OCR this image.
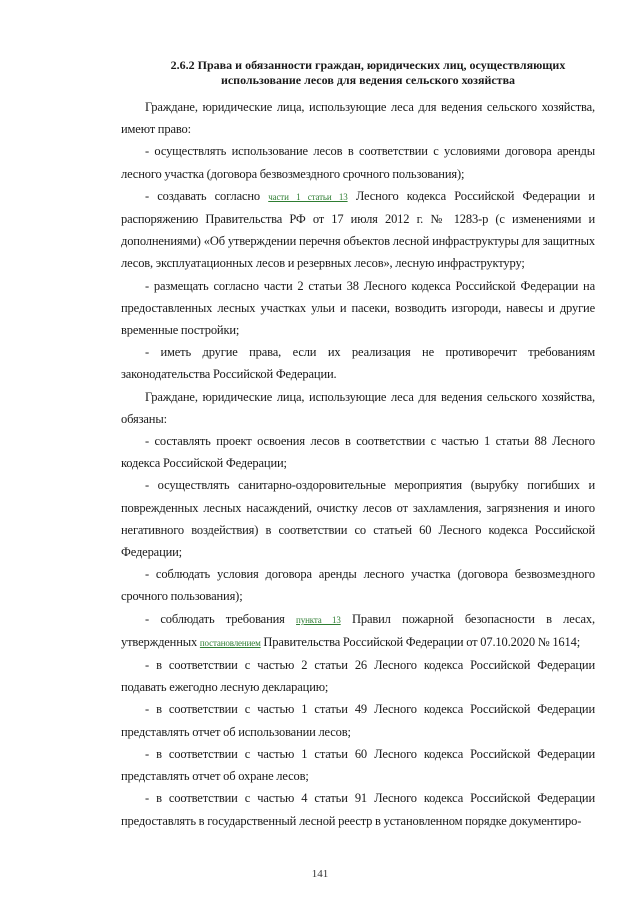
2.6.2 Права и обязанности граждан, юридических лиц, осуществляющих
использование лесов для ведения сельского хозяйства

Граждане, юридические лица, использующие леса для ведения сельского хозяйства, имеют право:

- осуществлять использование лесов в соответствии с условиями договора аренды лесного участка (договора безвозмездного срочного пользования);

- создавать согласно части 1 статьи 13 Лесного кодекса Российской Федерации и распоряжению Правительства РФ от 17 июля 2012 г. № 1283-р (с изменениями и дополнениями) «Об утверждении перечня объектов лесной инфраструктуры для защитных лесов, эксплуатационных лесов и резервных лесов», лесную инфраструктуру;

- размещать согласно части 2 статьи 38 Лесного кодекса Российской Федерации на предоставленных лесных участках ульи и пасеки, возводить изгороди, навесы и другие временные постройки;

- иметь другие права, если их реализация не противоречит требованиям законодательства Российской Федерации.

Граждане, юридические лица, использующие леса для ведения сельского хозяйства, обязаны:

- составлять проект освоения лесов в соответствии с частью 1 статьи 88 Лесного кодекса Российской Федерации;

- осуществлять санитарно-оздоровительные мероприятия (вырубку погибших и поврежденных лесных насаждений, очистку лесов от захламления, загрязнения и иного негативного воздействия) в соответствии со статьей 60 Лесного кодекса Российской Федерации;

- соблюдать условия договора аренды лесного участка (договора безвозмездного срочного пользования);

- соблюдать требования пункта 13 Правил пожарной безопасности в лесах, утвержденных постановлением Правительства Российской Федерации от 07.10.2020 № 1614;

- в соответствии с частью 2 статьи 26 Лесного кодекса Российской Федерации подавать ежегодно лесную декларацию;

- в соответствии с частью 1 статьи 49 Лесного кодекса Российской Федерации представлять отчет об использовании лесов;

- в соответствии с частью 1 статьи 60 Лесного кодекса Российской Федерации представлять отчет об охране лесов;

- в соответствии с частью 4 статьи 91 Лесного кодекса Российской Федерации предоставлять в государственный лесной реестр в установленном порядке документиро-

141
